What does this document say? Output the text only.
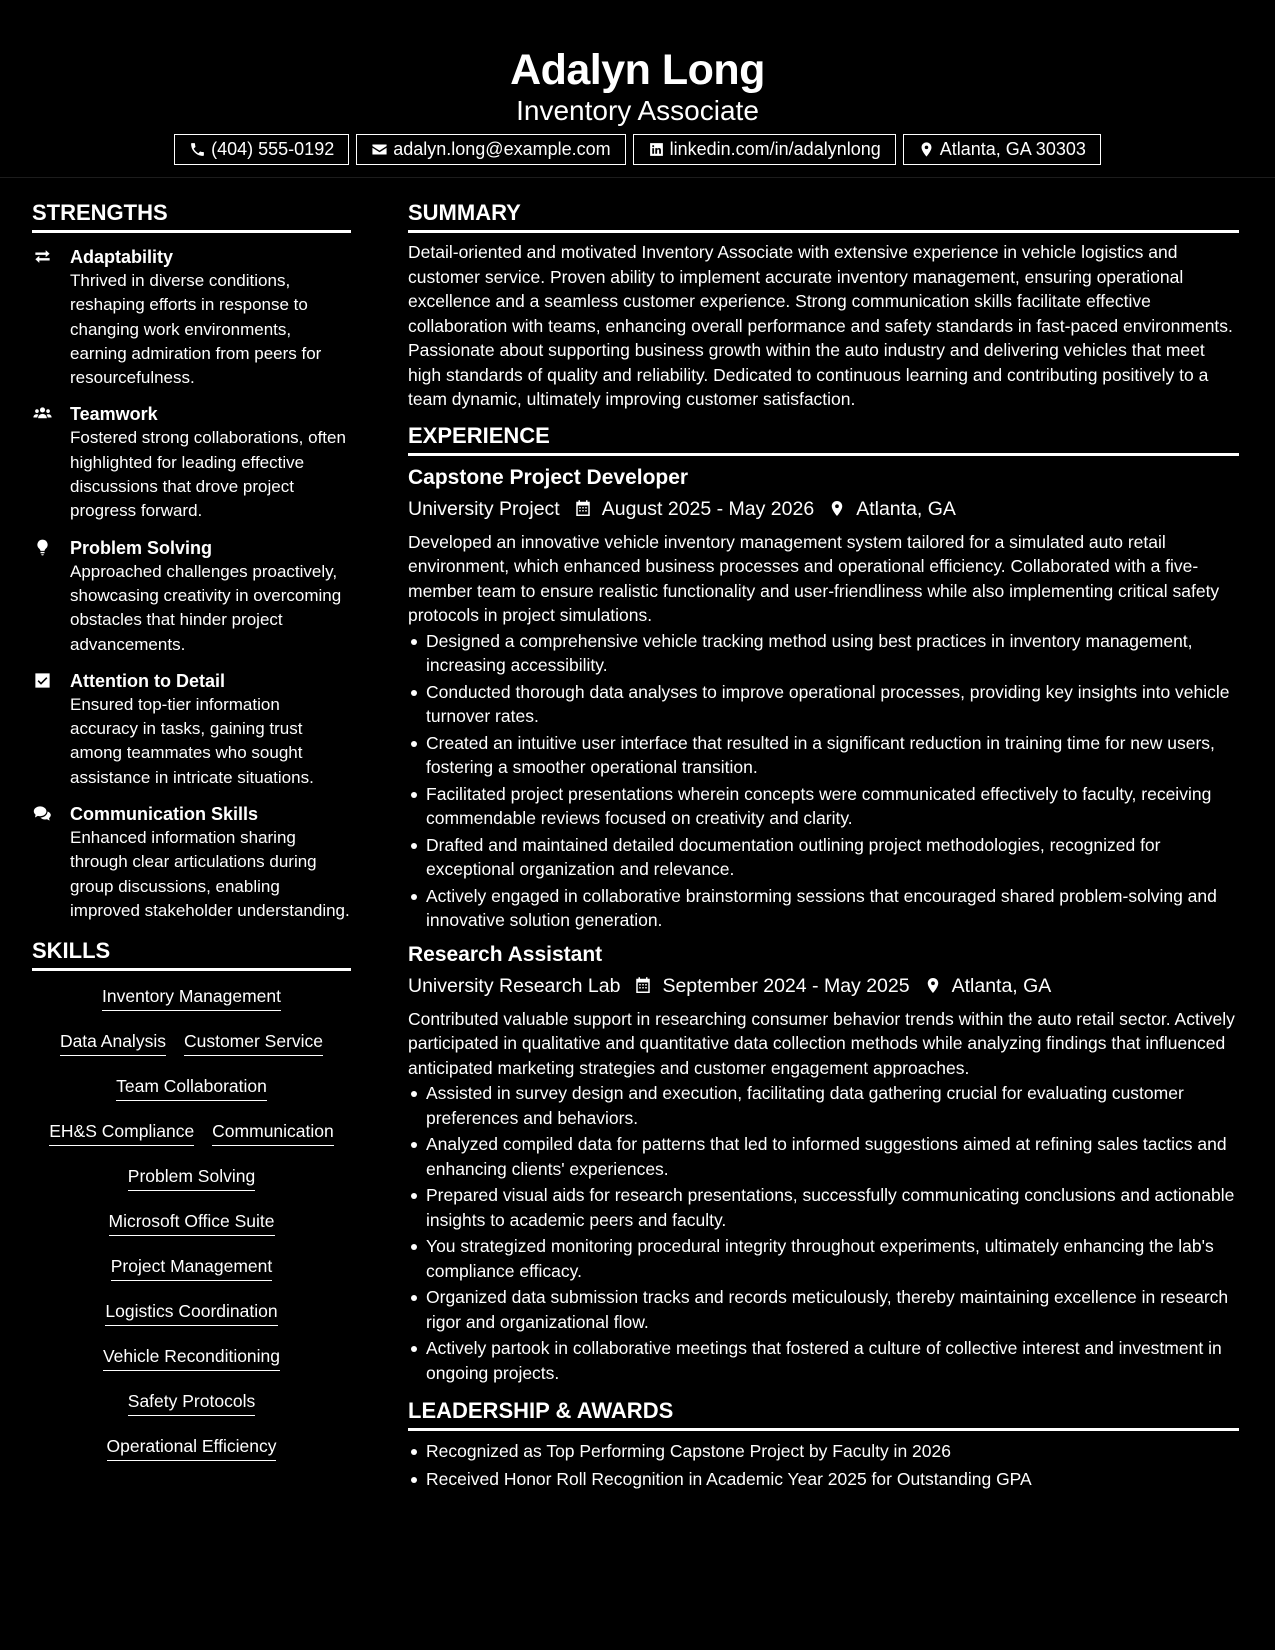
Adalyn Long
Inventory Associate
(404) 555-0192	adalyn.long@example.com	linkedin.com/in/adalynlong	Atlanta, GA 30303
STRENGTHS
Adaptability
Thrived in diverse conditions, reshaping efforts in response to changing work environments, earning admiration from peers for resourcefulness.
Teamwork
Fostered strong collaborations, often highlighted for leading effective discussions that drove project progress forward.
Problem Solving
Approached challenges proactively, showcasing creativity in overcoming obstacles that hinder project advancements.
Attention to Detail
Ensured top-tier information accuracy in tasks, gaining trust among teammates who sought assistance in intricate situations.
Communication Skills
Enhanced information sharing through clear articulations during group discussions, enabling improved stakeholder understanding.
SKILLS
Inventory Management
Data Analysis Customer Service
Team Collaboration
EH&S Compliance Communication
Problem Solving
Microsoft Office Suite
Project Management
Logistics Coordination
Vehicle Reconditioning
Safety Protocols
Operational Efficiency
SUMMARY

Detail-oriented and motivated Inventory Associate with extensive experience in vehicle logistics and customer service. Proven ability to implement accurate inventory management, ensuring operational excellence and a seamless customer experience. Strong communication skills facilitate effective collaboration with teams, enhancing overall performance and safety standards in fast-paced environments. Passionate about supporting business growth within the auto industry and delivering vehicles that meet high standards of quality and reliability. Dedicated to continuous learning and contributing positively to a team dynamic, ultimately improving customer satisfaction.

EXPERIENCE
Capstone Project Developer
University Project August 2025 - May 2026 Atlanta, GA

Developed an innovative vehicle inventory management system tailored for a simulated auto retail environment, which enhanced business processes and operational efficiency. Collaborated with a five-member team to ensure realistic functionality and user-friendliness while also implementing critical safety protocols in project simulations.

Designed a comprehensive vehicle tracking method using best practices in inventory management, increasing accessibility.
Conducted thorough data analyses to improve operational processes, providing key insights into vehicle turnover rates.
Created an intuitive user interface that resulted in a significant reduction in training time for new users, fostering a smoother operational transition.
Facilitated project presentations wherein concepts were communicated effectively to faculty, receiving commendable reviews focused on creativity and clarity.
Drafted and maintained detailed documentation outlining project methodologies, recognized for exceptional organization and relevance.
Actively engaged in collaborative brainstorming sessions that encouraged shared problem-solving and innovative solution generation.
Research Assistant
University Research Lab September 2024 - May 2025 Atlanta, GA

Contributed valuable support in researching consumer behavior trends within the auto retail sector. Actively participated in qualitative and quantitative data collection methods while analyzing findings that influenced anticipated marketing strategies and customer engagement approaches.

Assisted in survey design and execution, facilitating data gathering crucial for evaluating customer preferences and behaviors.
Analyzed compiled data for patterns that led to informed suggestions aimed at refining sales tactics and enhancing clients' experiences.
Prepared visual aids for research presentations, successfully communicating conclusions and actionable insights to academic peers and faculty.
You strategized monitoring procedural integrity throughout experiments, ultimately enhancing the lab's compliance efficacy.
Organized data submission tracks and records meticulously, thereby maintaining excellence in research rigor and organizational flow.
Actively partook in collaborative meetings that fostered a culture of collective interest and investment in ongoing projects.
LEADERSHIP & AWARDS
Recognized as Top Performing Capstone Project by Faculty in 2026
Received Honor Roll Recognition in Academic Year 2025 for Outstanding GPA
